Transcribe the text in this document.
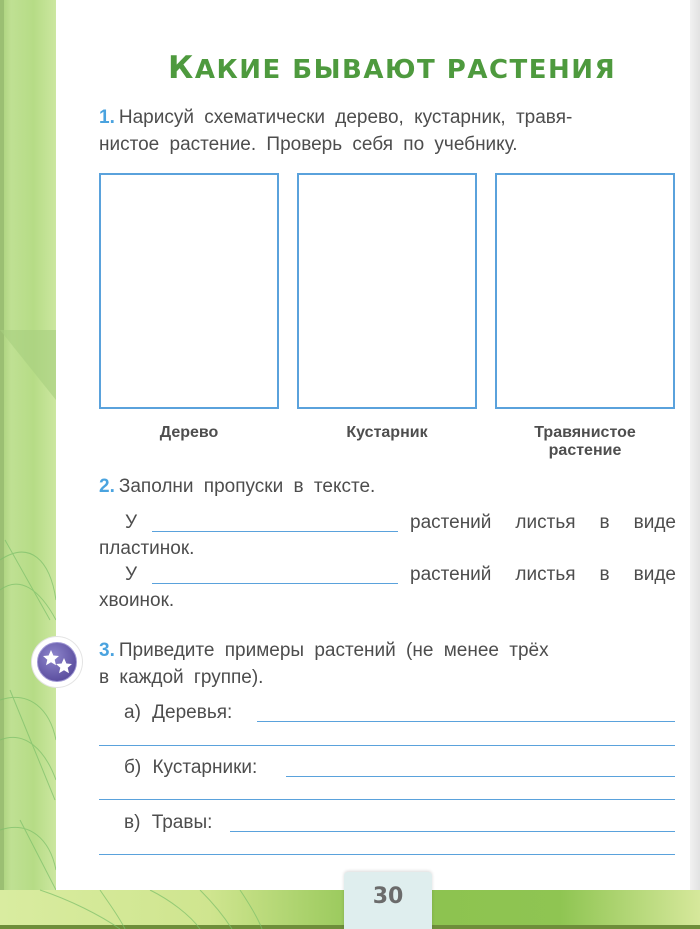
КАКИЕ БЫВАЮТ РАСТЕНИЯ
1. Нарисуй схематически дерево, кустарник, травя-
нистое растение. Проверь себя по учебнику.
Дерево	Кустарник	Травянистое
растение
2. Заполни пропуски в тексте.
У	растений листья в виде
пластинок.
У	растений листья в виде
хвоинок.
3. Приведите примеры растений (не менее трёх
в каждой группе).
а) Деревья:
б) Кустарники:
в) Травы:
30
